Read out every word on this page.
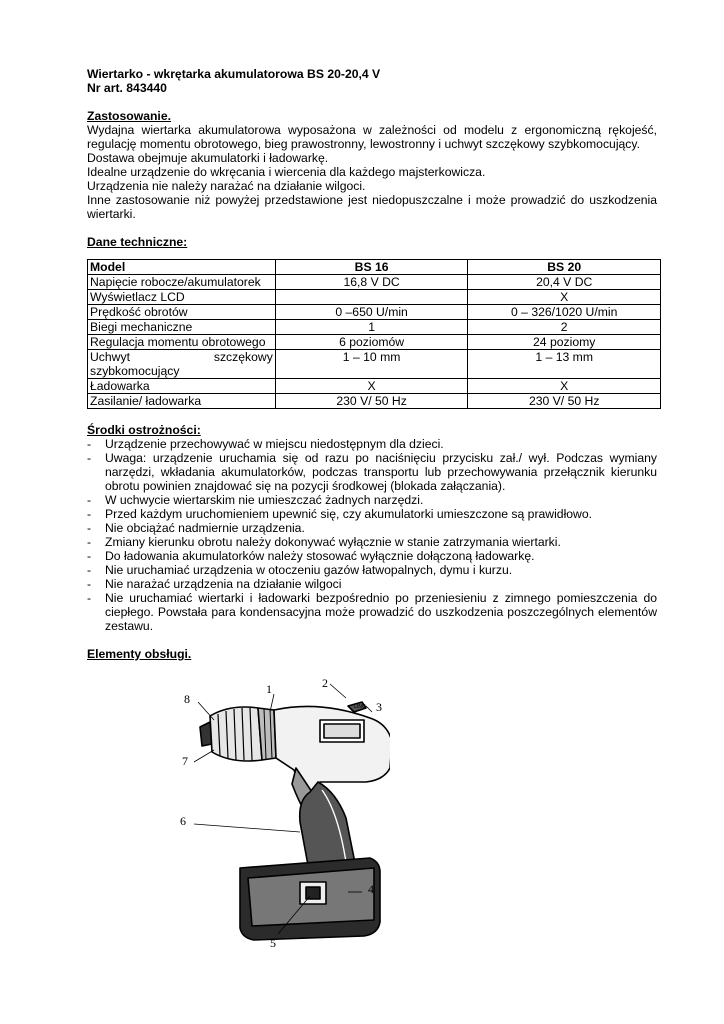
Wiertarko - wkrętarka akumulatorowa BS 20-20,4 V
Nr art. 843440
Zastosowanie.
Wydajna wiertarka akumulatorowa wyposażona w zależności od modelu z ergonomiczną rękojeść, regulację momentu obrotowego, bieg prawostronny, lewostronny i uchwyt szczękowy szybkomocujący.
Dostawa obejmuje akumulatorki i ładowarkę.
Idealne urządzenie do wkręcania i wiercenia dla każdego majsterkowicza.
Urządzenia nie należy narażać na działanie wilgoci.
Inne zastosowanie niż powyżej przedstawione jest niedopuszczalne i może prowadzić do uszkodzenia wiertarki.
Dane techniczne:
Model	BS 16	BS 20
Napięcie robocze/akumulatorek	16,8 V DC	20,4 V DC
Wyświetlacz LCD		X
Prędkość obrotów	0 –650 U/min	0 – 326/1020 U/min
Biegi mechaniczne	1	2
Regulacja momentu obrotowego	6 poziomów	24 poziomy
Uchwyt szczękowy szybkomocujący	1 – 10 mm	1 – 13 mm
Ładowarka	X	X
Zasilanie/ ładowarka	230 V/ 50 Hz	230 V/ 50 Hz
Środki ostrożności:
- Urządzenie przechowywać w miejscu niedostępnym dla dzieci.
- Uwaga: urządzenie uruchamia się od razu po naciśnięciu przycisku zał./ wył. Podczas wymiany narzędzi, wkładania akumulatorków, podczas transportu lub przechowywania przełącznik kierunku obrotu powinien znajdować się na pozycji środkowej (blokada załączania).
- W uchwycie wiertarskim nie umieszczać żadnych narzędzi.
- Przed każdym uruchomieniem upewnić się, czy akumulatorki umieszczone są prawidłowo.
- Nie obciążać nadmiernie urządzenia.
- Zmiany kierunku obrotu należy dokonywać wyłącznie w stanie zatrzymania wiertarki.
- Do ładowania akumulatorków należy stosować wyłącznie dołączoną ładowarkę.
- Nie uruchamiać urządzenia w otoczeniu gazów łatwopalnych, dymu i kurzu.
- Nie narażać urządzenia na działanie wilgoci
- Nie uruchamiać wiertarki i ładowarki bezpośrednio po przeniesieniu z zimnego pomieszczenia do ciepłego. Powstała para kondensacyjna może prowadzić do uszkodzenia poszczególnych elementów zestawu.
Elementy obsługi.
LINO
1	2
3
4
5
6
7
8
